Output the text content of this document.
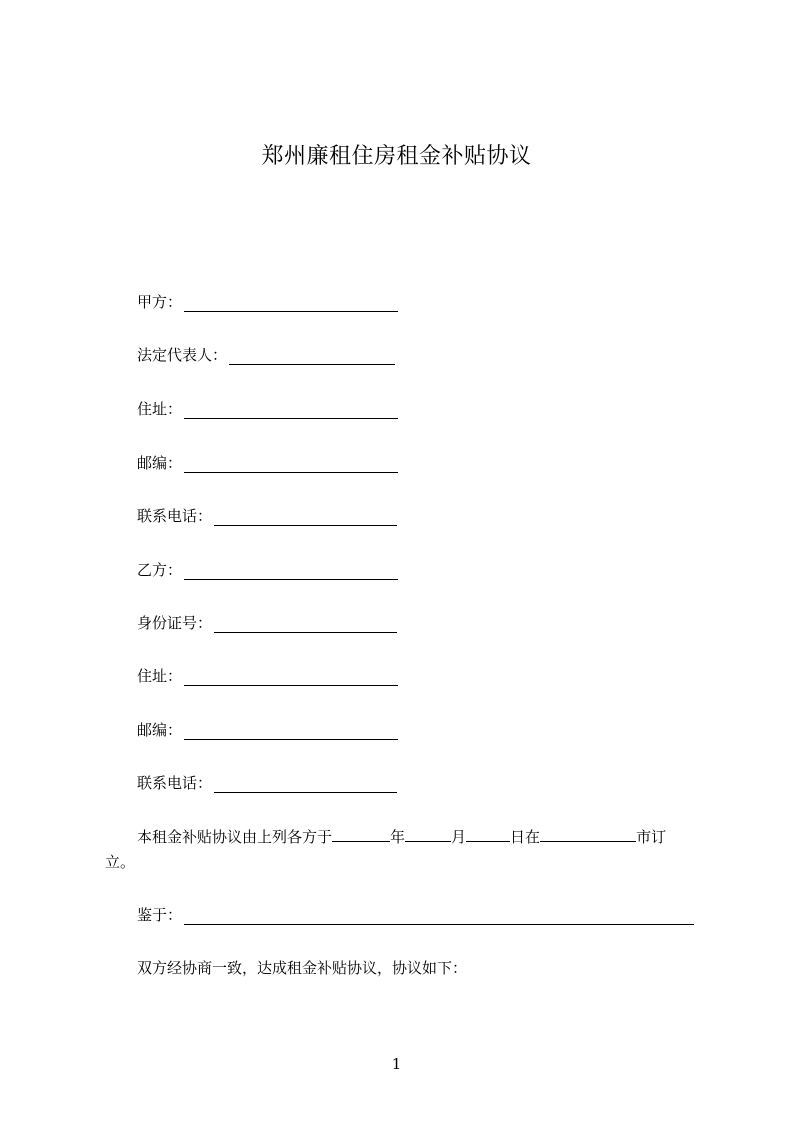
郑州廉租住房租金补贴协议
甲方：
法定代表人：
住址：
邮编：
联系电话：
乙方：
身份证号：
住址：
邮编：
联系电话：
本租金补贴协议由上列各方于	年	月	日在	市订
立。
鉴于：
双方经协商一致，达成租金补贴协议，协议如下：
1
